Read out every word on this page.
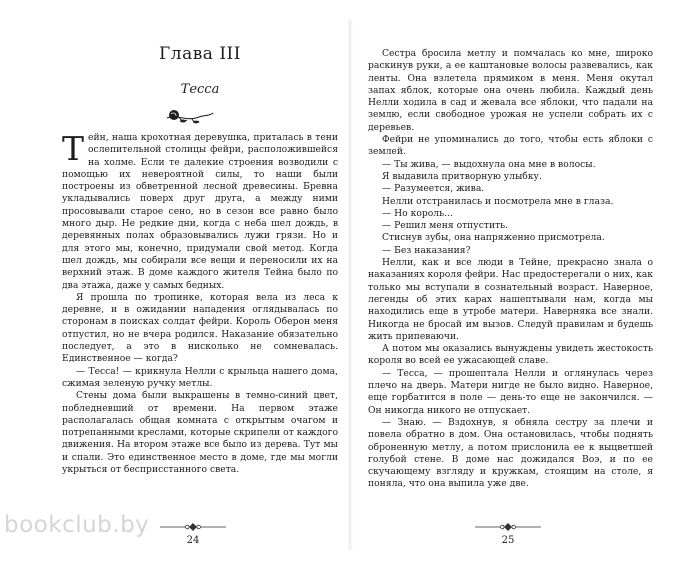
Глава III
Тесса

Тейн, наша крохотная деревушка, приталась в тени ослепительной столицы фейри, расположившейся на холме. Если те далекие строения возводили с помощью их невероятной силы, то наши были построены из обветренной лесной древесины. Бревна укладывались поверх друг друга, а между ними просовывали старое сено, но в сезон все равно было много дыр. Не редкие дни, когда с неба шел дождь, в деревянных полах образовывались лужи грязи. Но и для этого мы, конечно, придумали свой метод. Когда шел дождь, мы собирали все вещи и переносили их на верхний этаж. В доме каждого жителя Тейна было по два этажа, даже у самых бедных.

Я прошла по тропинке, которая вела из леса к деревне, и в ожидании нападения оглядывалась по сторонам в поисках солдат фейри. Король Оберон меня отпустил, но не вчера родился. Наказание обязательно последует, а это в нисколько не сомневалась. Единственное — когда?

— Тесса! — крикнула Нелли с крыльца нашего дома, сжимая зеленую ручку метлы.

Стены дома были выкрашены в темно-синий цвет, побледневший от времени. На первом этаже располагалась общая комната с открытым очагом и потрепанными креслами, которые скрипели от каждого движения. На втором этаже все было из дерева. Тут мы и спали. Это единственное место в доме, где мы могли укрыться от бесприсстанного света.

24

Сестра бросила метлу и помчалась ко мне, широко раскинув руки, а ее каштановые волосы развевались, как ленты. Она взлетела прямиком в меня. Меня окутал запах яблок, которые она очень любила. Каждый день Нелли ходила в сад и жевала все яблоки, что падали на землю, если свободное урожая не успели собрать их с деревьев.

Фейри не упоминались до того, чтобы есть яблоки с землей.

— Ты жива, — выдохнула она мне в волосы.

Я выдавила притворную улыбку.

— Разумеется, жива.

Нелли отстранилась и посмотрела мне в глаза.

— Но король...

— Решил меня отпустить.

Стиснув зубы, она напряженно присмотрела.

— Без наказания?

Нелли, как и все люди в Тейне, прекрасно знала о наказаниях короля фейри. Нас предостерегали о них, как только мы вступали в сознательный возраст. Наверное, легенды об этих карах нашептывали нам, когда мы находились еще в утробе матери. Наверняка все знали. Никогда не бросай им вызов. Следуй правилам и будешь жить припеваючи.

А потом мы оказались вынуждены увидеть жестокость короля во всей ее ужасающей славе.

— Тесса, — прошептала Нелли и оглянулась через плечо на дверь. Матери нигде не было видно. Наверное, еще горбатится в поле — день-то еще не закончился. — Он никогда никого не отпускает.

— Знаю. — Вздохнув, я обняла сестру за плечи и повела обратно в дом. Она остановилась, чтобы поднять оброненную метлу, а потом прислонила ее к выцветшей голубой стене. В доме нас дожидался Воэ, и по ее скучающему взгляду и кружкам, стоящим на столе, я поняла, что она выпила уже две.

25
bookclub.by
